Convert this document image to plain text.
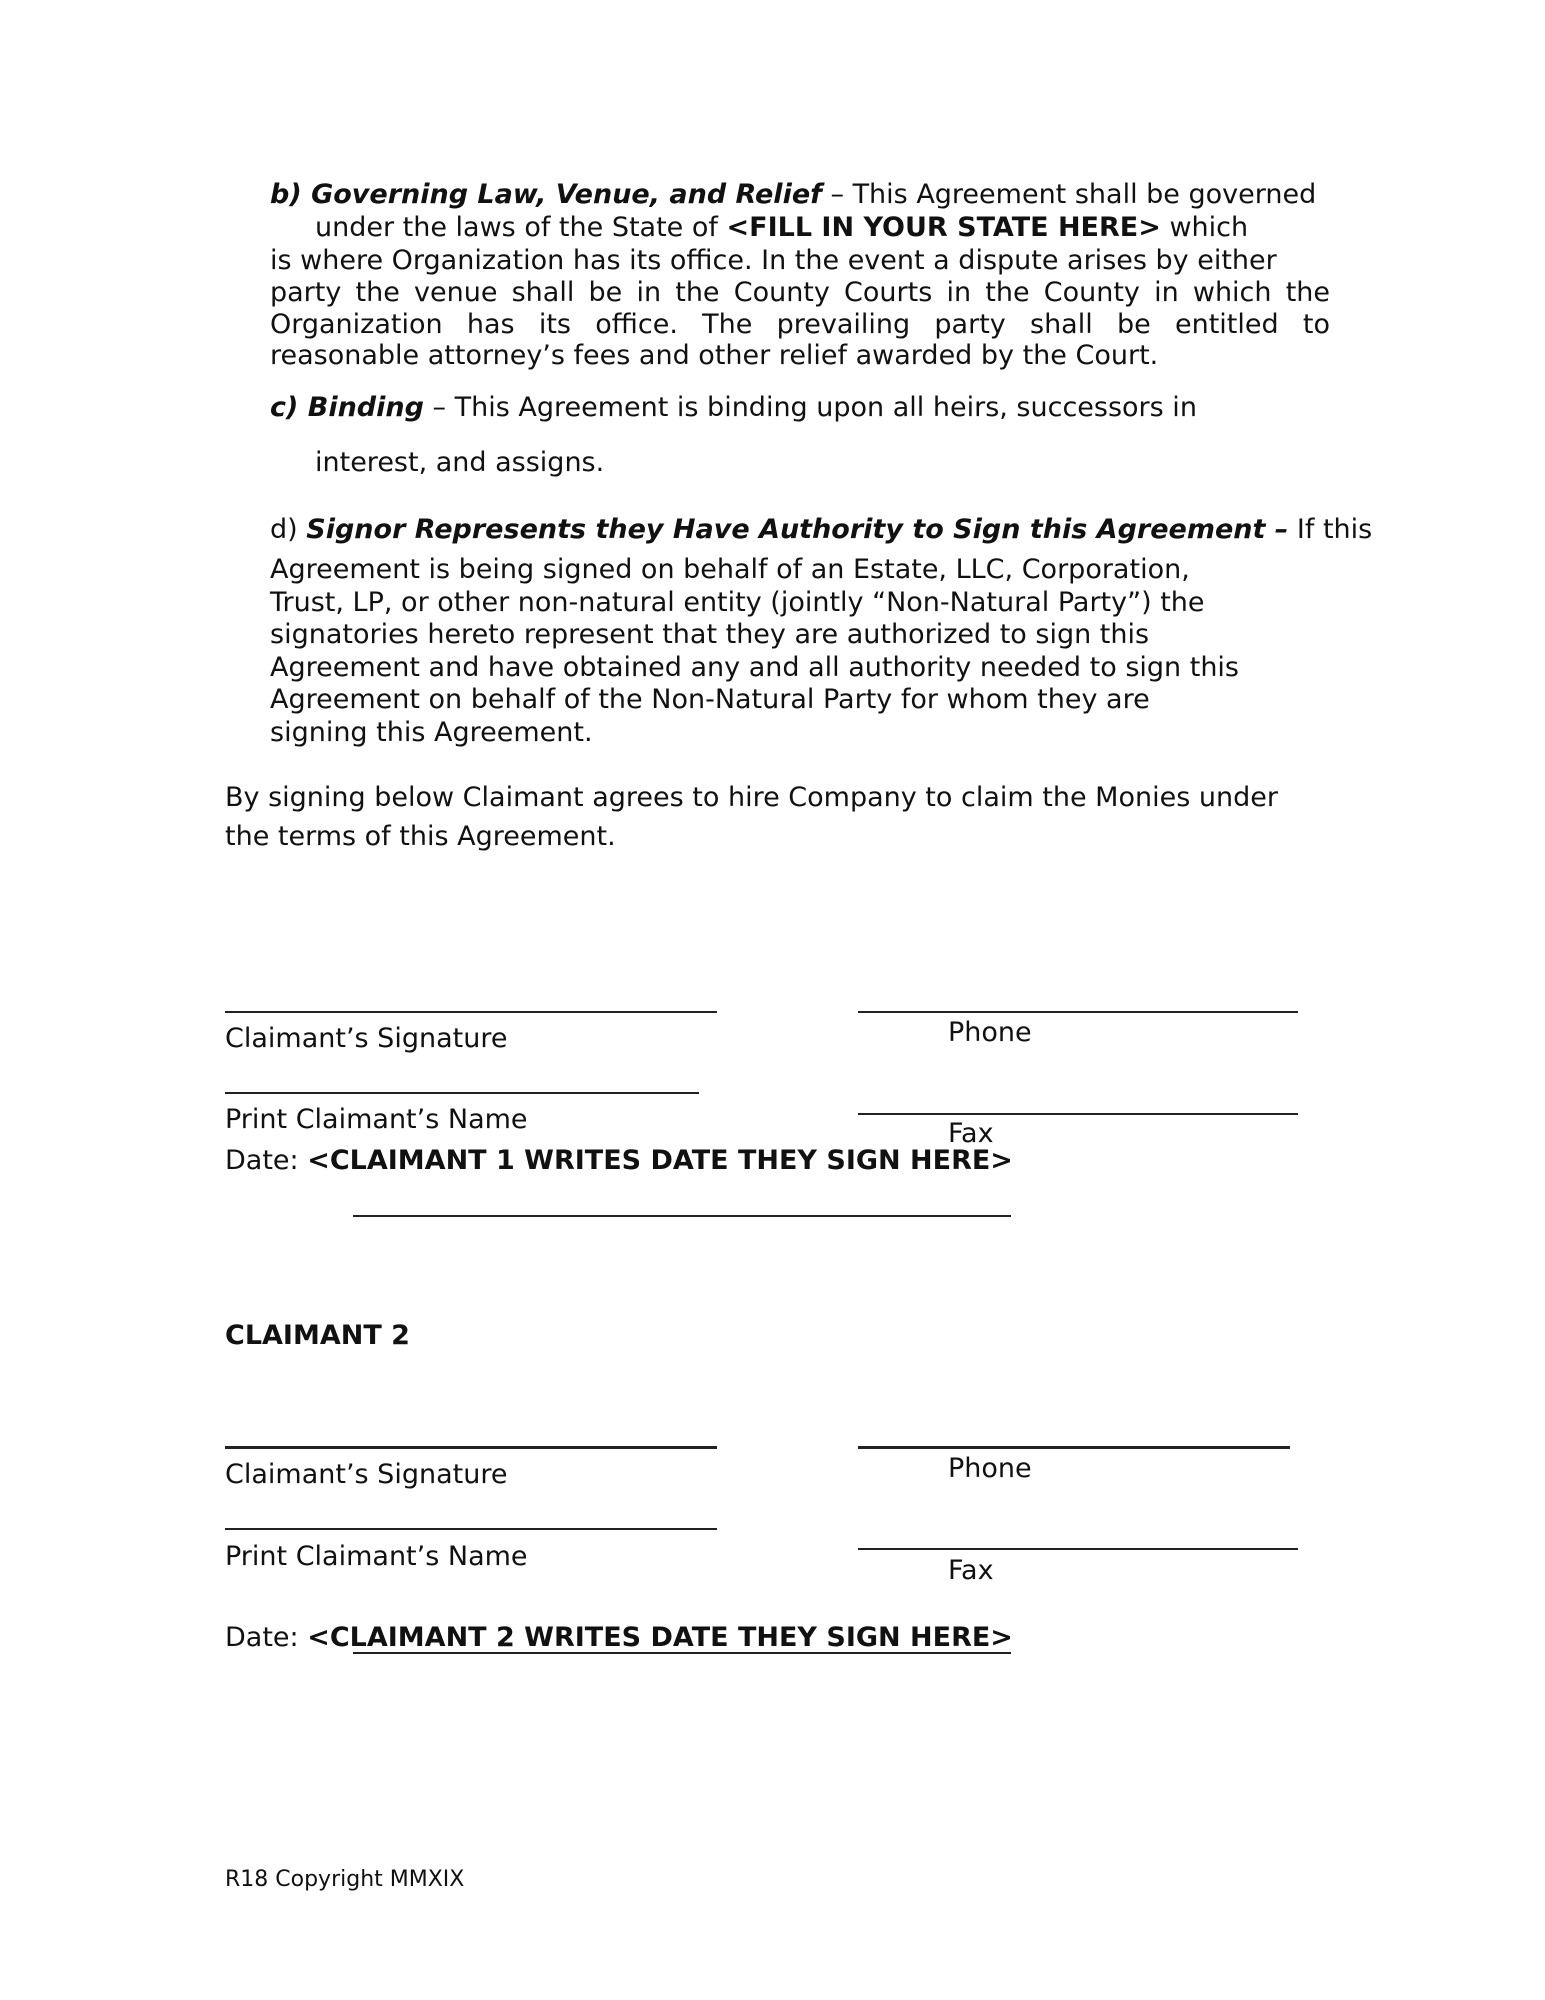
b) Governing Law, Venue, and Relief – This Agreement shall be governed
under the laws of the State of <FILL IN YOUR STATE HERE> which
is where Organization has its office. In the event a dispute arises by either
party the venue shall be in the County Courts in the County in which the
Organization has its office. The prevailing party shall be entitled to
reasonable attorney’s fees and other relief awarded by the Court.
c) Binding – This Agreement is binding upon all heirs, successors in
interest, and assigns.
d) Signor Represents they Have Authority to Sign this Agreement – If this
Agreement is being signed on behalf of an Estate, LLC, Corporation,
Trust, LP, or other non-natural entity (jointly “Non-Natural Party”) the
signatories hereto represent that they are authorized to sign this
Agreement and have obtained any and all authority needed to sign this
Agreement on behalf of the Non-Natural Party for whom they are
signing this Agreement.
By signing below Claimant agrees to hire Company to claim the Monies under
the terms of this Agreement.
Claimant’s Signature	Phone
Print Claimant’s Name	Fax
Date: <CLAIMANT 1 WRITES DATE THEY SIGN HERE>
CLAIMANT 2
Claimant’s Signature	Phone
Print Claimant’s Name	Fax
Date: <CLAIMANT 2 WRITES DATE THEY SIGN HERE>
R18 Copyright MMXIX
